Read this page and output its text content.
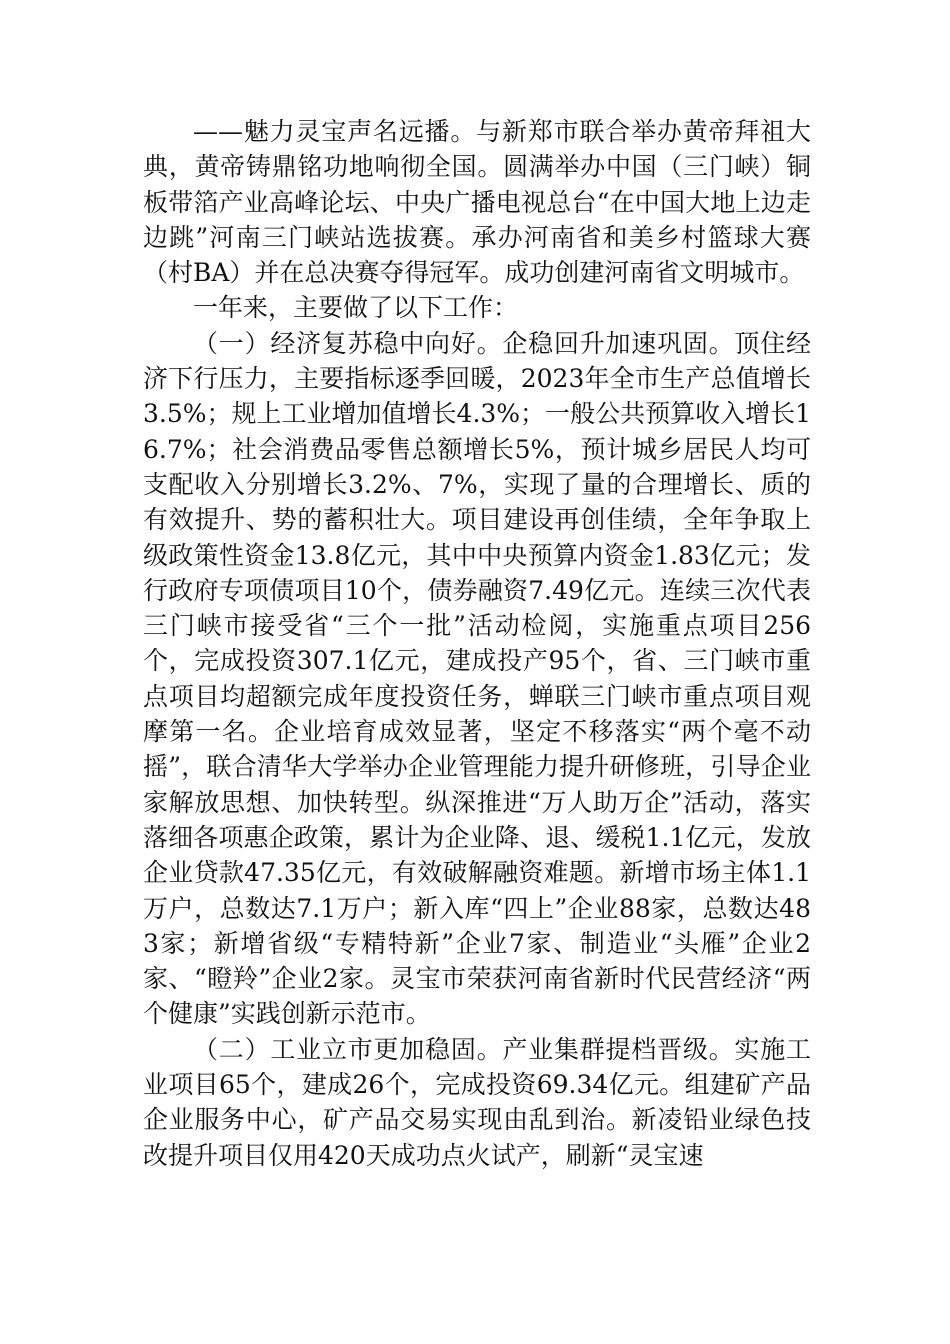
——魅力灵宝声名远播。与新郑市联合举办黄帝拜祖大典，黄帝铸鼎铭功地响彻全国。圆满举办中国（三门峡）铜板带箔产业高峰论坛、中央广播电视总台“在中国大地上边走边跳”河南三门峡站选拔赛。承办河南省和美乡村篮球大赛（村BA）并在总决赛夺得冠军。成功创建河南省文明城市。

一年来，主要做了以下工作：

（一）经济复苏稳中向好。企稳回升加速巩固。顶住经济下行压力，主要指标逐季回暖，2023年全市生产总值增长3.5%；规上工业增加值增长4.3%；一般公共预算收入增长16.7%；社会消费品零售总额增长5%，预计城乡居民人均可支配收入分别增长3.2%、7%，实现了量的合理增长、质的有效提升、势的蓄积壮大。项目建设再创佳绩，全年争取上级政策性资金13.8亿元，其中中央预算内资金1.83亿元；发行政府专项债项目10个，债券融资7.49亿元。连续三次代表三门峡市接受省“三个一批”活动检阅，实施重点项目256个，完成投资307.1亿元，建成投产95个，省、三门峡市重点项目均超额完成年度投资任务，蝉联三门峡市重点项目观摩第一名。企业培育成效显著，坚定不移落实“两个毫不动摇”，联合清华大学举办企业管理能力提升研修班，引导企业家解放思想、加快转型。纵深推进“万人助万企”活动，落实落细各项惠企政策，累计为企业降、退、缓税1.1亿元，发放企业贷款47.35亿元，有效破解融资难题。新增市场主体1.1万户，总数达7.1万户；新入库“四上”企业88家，总数达483家；新增省级“专精特新”企业7家、制造业“头雁”企业2家、“瞪羚”企业2家。灵宝市荣获河南省新时代民营经济“两个健康”实践创新示范市。

（二）工业立市更加稳固。产业集群提档晋级。实施工业项目65个，建成26个，完成投资69.34亿元。组建矿产品企业服务中心，矿产品交易实现由乱到治。新凌铅业绿色技改提升项目仅用420天成功点火试产，刷新“灵宝速
